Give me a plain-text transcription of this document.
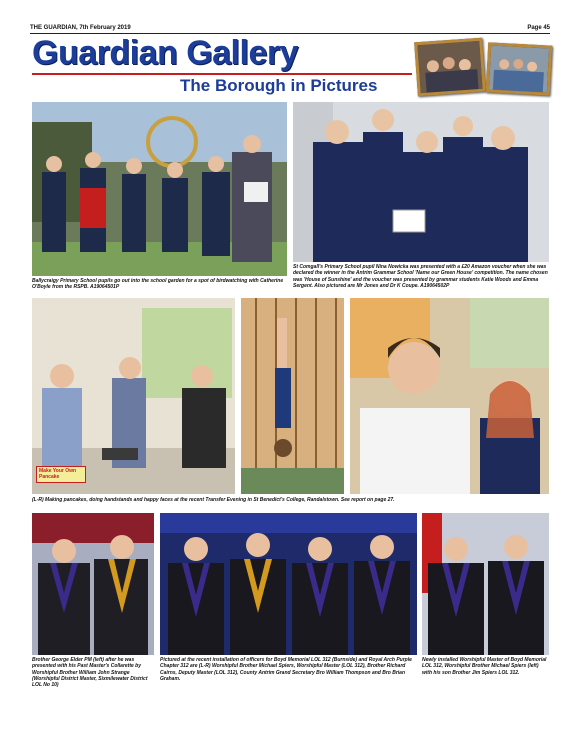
THE GUARDIAN, 7th February 2019	Page 45
Guardian Gallery
The Borough in Pictures
Ballycraigy Primary School pupils go out into the school garden for a spot of birdwatching with Catherine O'Boyle from the RSPB. A19064501P
St Comgall's Primary School pupil Nina Nowicka was presented with a £20 Amazon voucher when she was declared the winner in the Antrim Grammar School 'Name our Green House' competition. The name chosen was 'House of Sunshine' and the voucher was presented by grammar students Katie Woods and Emma Sergent. Also pictured are Mr Jones and Dr K Coupe. A19064502P
Make Your Own Pancake
(L-R) Making pancakes, doing handstands and happy faces at the recent Transfer Evening in St Benedict's College, Randalstown. See report on page 27.
Brother George Elder PM (left) after he was presented with his Past Master's Collarette by Worshipful Brother William John Strange (Worshipful District Master, Sixmilewater District LOL No 10)
Pictured at the recent installation of officers for Boyd Memorial LOL 312 (Burnside) and Royal Arch Purple Chapter 312 are (L-R) Worshipful Brother Michael Spiers, Worshipful Master (LOL 312), Brother Richard Cairns, Deputy Master (LOL 312), County Antrim Grand Secretary Bro William Thompson and Bro Brian Graham.
Newly installed Worshipful Master of Boyd Memorial LOL 312, Worshipful Brother Michael Spiers (left) with his son Brother Jim Spiers LOL 312.
